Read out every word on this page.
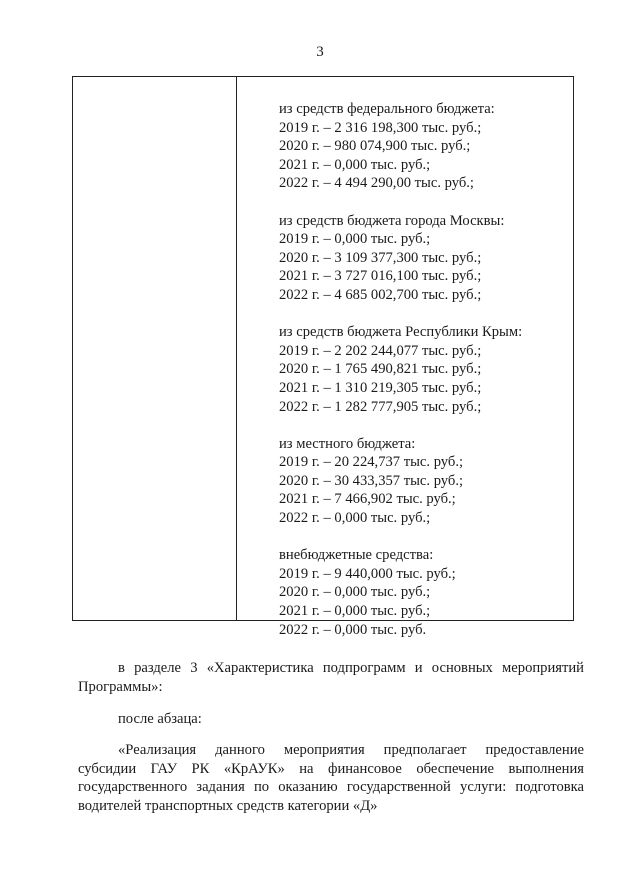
3
из средств федерального бюджета:
2019 г. – 2 316 198,300 тыс. руб.;
2020 г. – 980 074,900 тыс. руб.;
2021 г. – 0,000 тыс. руб.;
2022 г. – 4 494 290,00 тыс. руб.;
из средств бюджета города Москвы:
2019 г. – 0,000 тыс. руб.;
2020 г. – 3 109 377,300 тыс. руб.;
2021 г. – 3 727 016,100 тыс. руб.;
2022 г. – 4 685 002,700 тыс. руб.;
из средств бюджета Республики Крым:
2019 г. – 2 202 244,077 тыс. руб.;
2020 г. – 1 765 490,821 тыс. руб.;
2021 г. – 1 310 219,305 тыс. руб.;
2022 г. – 1 282 777,905 тыс. руб.;
из местного бюджета:
2019 г. – 20 224,737 тыс. руб.;
2020 г. – 30 433,357 тыс. руб.;
2021 г. – 7 466,902 тыс. руб.;
2022 г. – 0,000 тыс. руб.;
внебюджетные средства:
2019 г. – 9 440,000 тыс. руб.;
2020 г. – 0,000 тыс. руб.;
2021 г. – 0,000 тыс. руб.;
2022 г. – 0,000 тыс. руб.
в разделе 3 «Характеристика подпрограмм и основных мероприятий
Программы»:
после абзаца:
«Реализация данного мероприятия предполагает предоставление
субсидии ГАУ РК «КрАУК» на финансовое обеспечение выполнения
государственного задания по оказанию государственной услуги: подготовка
водителей транспортных средств категории «Д»
